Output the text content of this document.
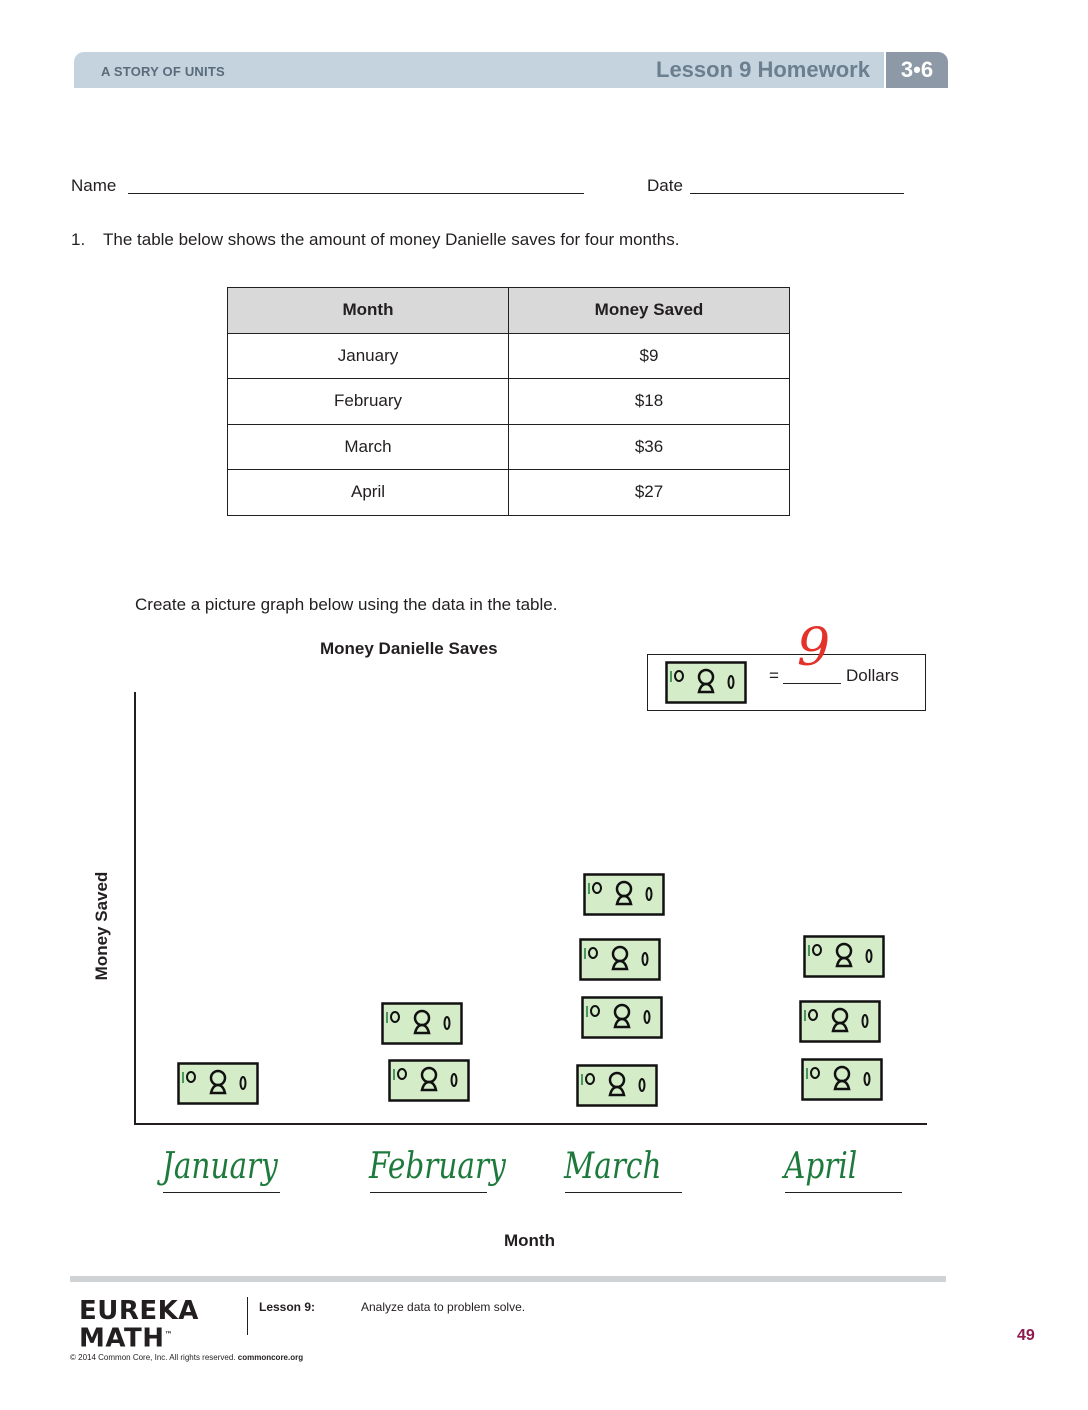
A STORY OF UNITS	Lesson 9 Homework	3•6
Name	Date
1. The table below shows the amount of money Danielle saves for four months.
Month	Money Saved
January	$9
February	$18
March	$36
April	$27
Create a picture graph below using the data in the table.
Money Danielle Saves
= 9 Dollars
Money Saved
Month
January	February March	April
EUREKA
MATH™
Lesson 9:	Analyze data to problem solve.
49
© 2014 Common Core, Inc. All rights reserved. commoncore.org
